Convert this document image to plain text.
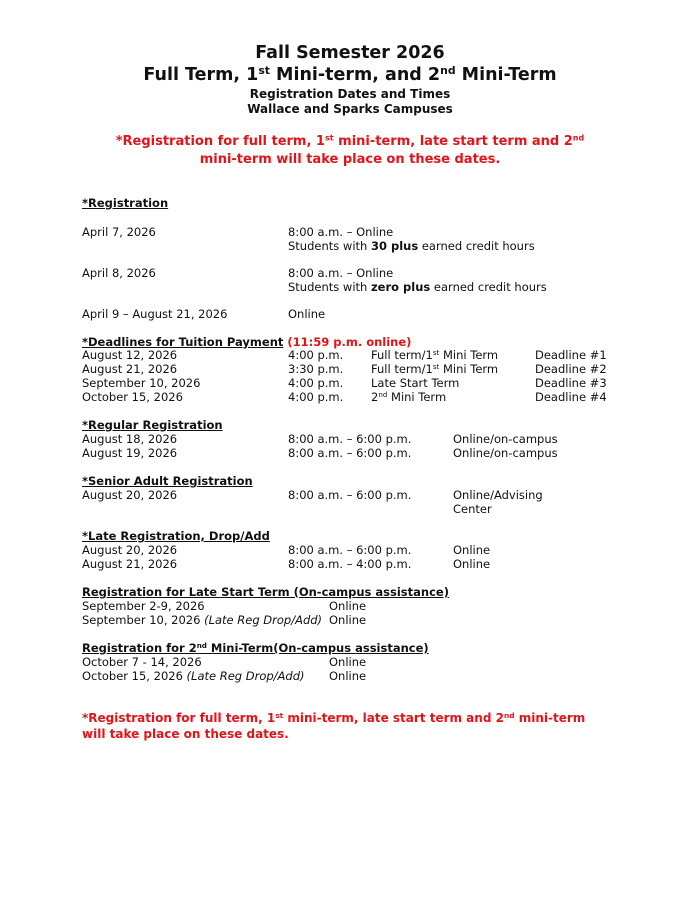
Fall Semester 2026
Full Term, 1st Mini-term, and 2nd Mini-Term
Registration Dates and Times
Wallace and Sparks Campuses
*Registration for full term, 1st mini-term, late start term and 2nd mini-term will take place on these dates.
*Registration
April 7, 2026	8:00 a.m. – Online
Students with 30 plus earned credit hours
April 8, 2026	8:00 a.m. – Online
Students with zero plus earned credit hours
April 9 – August 21, 2026	Online
*Deadlines for Tuition Payment (11:59 p.m. online)
August 12, 2026	4:00 p.m. Full term/1st Mini Term	Deadline #1
August 21, 2026	3:30 p.m. Full term/1st Mini Term	Deadline #2
September 10, 2026	4:00 p.m. Late Start Term	Deadline #3
October 15, 2026	4:00 p.m. 2nd Mini Term	Deadline #4
*Regular Registration
August 18, 2026	8:00 a.m. – 6:00 p.m.	Online/on-campus
August 19, 2026	8:00 a.m. – 6:00 p.m.	Online/on-campus
*Senior Adult Registration
August 20, 2026	8:00 a.m. – 6:00 p.m.	Online/Advising
Center
*Late Registration, Drop/Add
August 20, 2026	8:00 a.m. – 6:00 p.m.	Online
August 21, 2026	8:00 a.m. – 4:00 p.m.	Online
Registration for Late Start Term (On-campus assistance)
September 2-9, 2026	Online
September 10, 2026 (Late Reg Drop/Add) Online
Registration for 2nd Mini-Term(On-campus assistance)
October 7 - 14, 2026	Online
October 15, 2026 (Late Reg Drop/Add) Online
*Registration for full term, 1st mini-term, late start term and 2nd mini-term will take place on these dates.
